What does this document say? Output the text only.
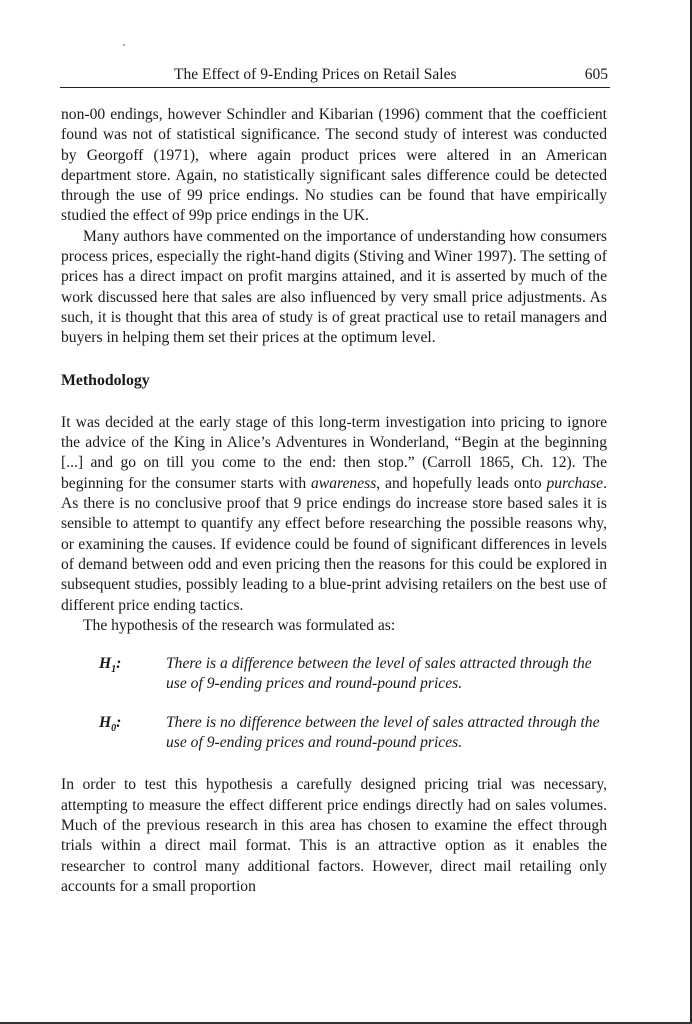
The Effect of 9-Ending Prices on Retail Sales	605

non-00 endings, however Schindler and Kibarian (1996) comment that the coefficient found was not of statistical significance. The second study of interest was conducted by Georgoff (1971), where again product prices were altered in an American department store. Again, no statistically significant sales difference could be detected through the use of 99 price endings. No studies can be found that have empirically studied the effect of 99p price endings in the UK.

Many authors have commented on the importance of understanding how consumers process prices, especially the right-hand digits (Stiving and Winer 1997). The setting of prices has a direct impact on profit margins attained, and it is asserted by much of the work discussed here that sales are also influenced by very small price adjustments. As such, it is thought that this area of study is of great practical use to retail managers and buyers in helping them set their prices at the optimum level.

Methodology

It was decided at the early stage of this long-term investigation into pricing to ignore the advice of the King in Alice’s Adventures in Wonderland, “Begin at the beginning [...] and go on till you come to the end: then stop.” (Carroll 1865, Ch. 12). The beginning for the consumer starts with awareness, and hopefully leads onto purchase. As there is no conclusive proof that 9 price endings do increase store based sales it is sensible to attempt to quantify any effect before researching the possible reasons why, or examining the causes. If evidence could be found of significant differences in levels of demand between odd and even pricing then the reasons for this could be explored in subsequent studies, possibly leading to a blue-print advising retailers on the best use of different price ending tactics.

The hypothesis of the research was formulated as:

$H_1$:	There is a difference between the level of sales attracted through the use of 9-ending prices and round-pound prices.
$H_0$:	There is no difference between the level of sales attracted through the use of 9-ending prices and round-pound prices.

In order to test this hypothesis a carefully designed pricing trial was necessary, attempting to measure the effect different price endings directly had on sales volumes. Much of the previous research in this area has chosen to examine the effect through trials within a direct mail format. This is an attractive option as it enables the researcher to control many additional factors. However, direct mail retailing only accounts for a small proportion
